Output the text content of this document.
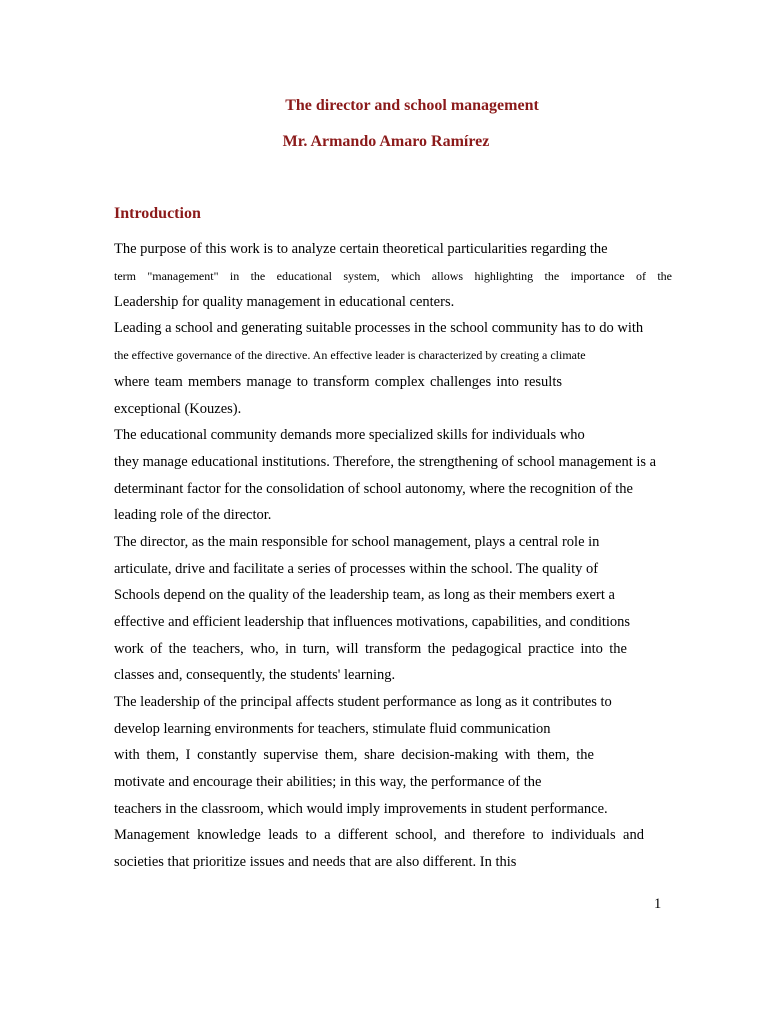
The director and school management
Mr. Armando Amaro Ramírez
Introduction
The purpose of this work is to analyze certain theoretical particularities regarding the
term "management" in the educational system, which allows highlighting the importance of the
Leadership for quality management in educational centers.
Leading a school and generating suitable processes in the school community has to do with
the effective governance of the directive. An effective leader is characterized by creating a climate
where team members manage to transform complex challenges into results
exceptional (Kouzes).
The educational community demands more specialized skills for individuals who
they manage educational institutions. Therefore, the strengthening of school management is a
determinant factor for the consolidation of school autonomy, where the recognition of the
leading role of the director.
The director, as the main responsible for school management, plays a central role in
articulate, drive and facilitate a series of processes within the school. The quality of
Schools depend on the quality of the leadership team, as long as their members exert a
effective and efficient leadership that influences motivations, capabilities, and conditions
work of the teachers, who, in turn, will transform the pedagogical practice into the
classes and, consequently, the students' learning.
The leadership of the principal affects student performance as long as it contributes to
develop learning environments for teachers, stimulate fluid communication
with them, I constantly supervise them, share decision-making with them, the
motivate and encourage their abilities; in this way, the performance of the
teachers in the classroom, which would imply improvements in student performance.
Management knowledge leads to a different school, and therefore to individuals and
societies that prioritize issues and needs that are also different. In this
1
